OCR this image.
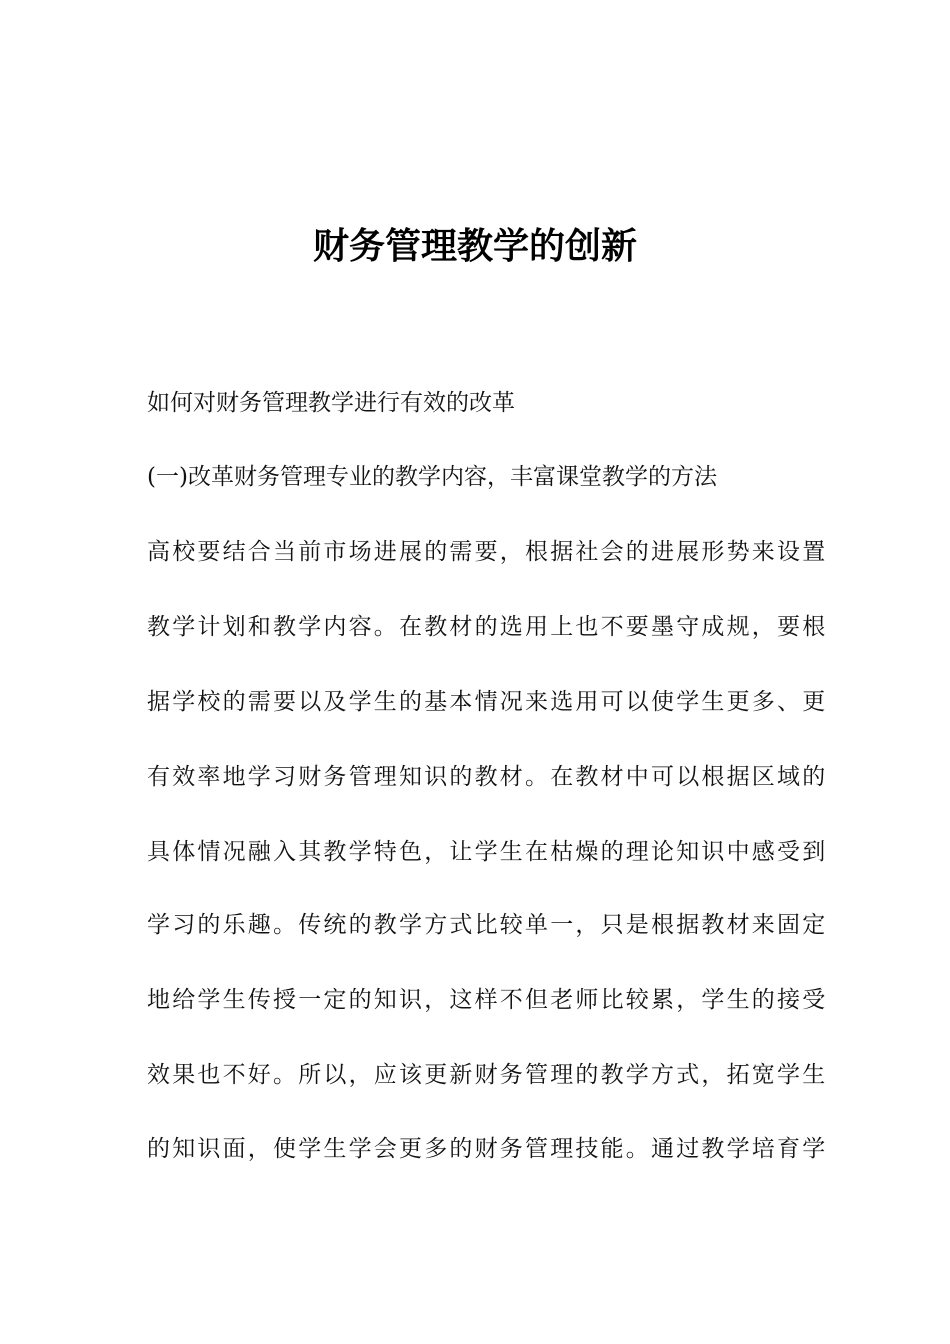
财务管理教学的创新

如何对财务管理教学进行有效的改革

(一)改革财务管理专业的教学内容，丰富课堂教学的方法

高校要结合当前市场进展的需要，根据社会的进展形势来设置

教学计划和教学内容。在教材的选用上也不要墨守成规，要根

据学校的需要以及学生的基本情况来选用可以使学生更多、更

有效率地学习财务管理知识的教材。在教材中可以根据区域的

具体情况融入其教学特色，让学生在枯燥的理论知识中感受到

学习的乐趣。传统的教学方式比较单一，只是根据教材来固定

地给学生传授一定的知识，这样不但老师比较累，学生的接受

效果也不好。所以，应该更新财务管理的教学方式，拓宽学生

的知识面，使学生学会更多的财务管理技能。通过教学培育学
